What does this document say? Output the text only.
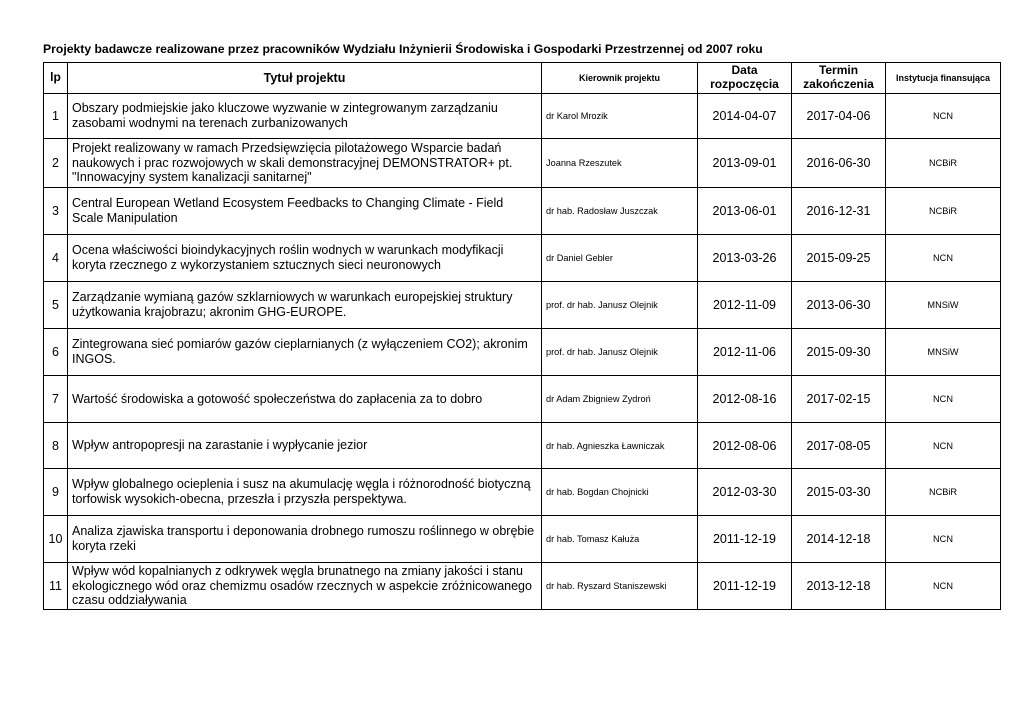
Projekty badawcze realizowane przez pracowników Wydziału Inżynierii Środowiska i Gospodarki Przestrzennej od 2007 roku
lp	Tytuł projektu	Kierownik projektu	Data rozpoczęcia	Termin zakończenia	Instytucja finansująca
1	Obszary podmiejskie jako kluczowe wyzwanie w zintegrowanym zarządzaniu zasobami wodnymi na terenach zurbanizowanych	dr Karol Mrozik	2014-04-07	2017-04-06	NCN
2	Projekt realizowany w ramach Przedsięwzięcia pilotażowego Wsparcie badań naukowych i prac rozwojowych w skali demonstracyjnej DEMONSTRATOR+ pt. "Innowacyjny system kanalizacji sanitarnej"	Joanna Rzeszutek	2013-09-01	2016-06-30	NCBiR
3	Central European Wetland Ecosystem Feedbacks to Changing Climate - Field Scale Manipulation	dr hab. Radosław Juszczak	2013-06-01	2016-12-31	NCBiR
4	Ocena właściwości bioindykacyjnych roślin wodnych w warunkach modyfikacji koryta rzecznego z wykorzystaniem sztucznych sieci neuronowych	dr Daniel Gebler	2013-03-26	2015-09-25	NCN
5	Zarządzanie wymianą gazów szklarniowych w warunkach europejskiej struktury użytkowania krajobrazu; akronim GHG-EUROPE.	prof. dr hab. Janusz Olejnik	2012-11-09	2013-06-30	MNSiW
6	Zintegrowana sieć pomiarów gazów cieplarnianych (z wyłączeniem CO2); akronim INGOS.	prof. dr hab. Janusz Olejnik	2012-11-06	2015-09-30	MNSiW
7	Wartość środowiska a gotowość społeczeństwa do zapłacenia za to dobro	dr Adam Zbigniew Zydroń	2012-08-16	2017-02-15	NCN
8	Wpływ antropopresji na zarastanie i wypłycanie jezior	dr hab. Agnieszka Ławniczak	2012-08-06	2017-08-05	NCN
9	Wpływ globalnego ocieplenia i susz na akumulację węgla i różnorodność biotyczną torfowisk wysokich-obecna, przeszła i przyszła perspektywa.	dr hab. Bogdan Chojnicki	2012-03-30	2015-03-30	NCBiR
10	Analiza zjawiska transportu i deponowania drobnego rumoszu roślinnego w obrębie koryta rzeki	dr hab. Tomasz Kałuża	2011-12-19	2014-12-18	NCN
11	Wpływ wód kopalnianych z odkrywek węgla brunatnego na zmiany jakości i stanu ekologicznego wód oraz chemizmu osadów rzecznych w aspekcie zróżnicowanego czasu oddziaływania	dr hab. Ryszard Staniszewski	2011-12-19	2013-12-18	NCN
